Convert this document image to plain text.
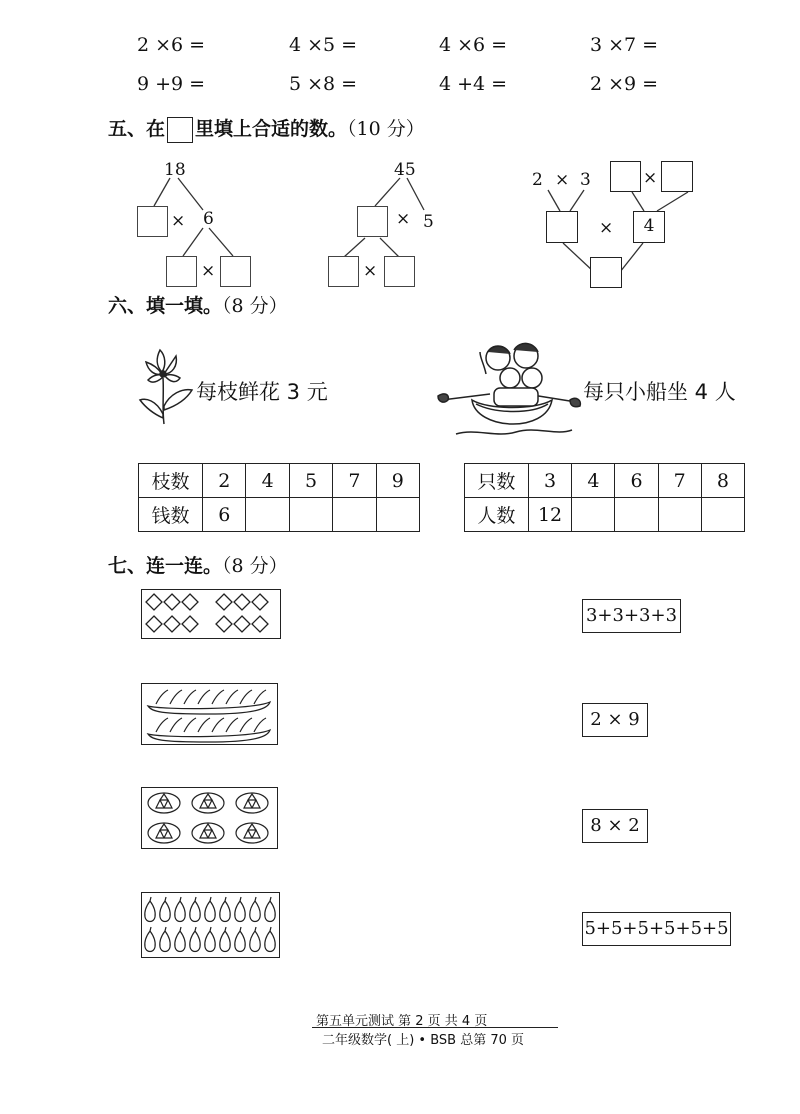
2 ×6 =	4 ×5 =	4 ×6 =	3 ×7 =
9 +9 =	5 ×8 =	4 +4 =	2 ×9 =
五、在 里填上合适的数。（10 分）
18
× 6
×
45
× 5
×
2 × 3	×
×	4
六、填一填。（8 分）
每枝鲜花 3 元	每只小船坐 4 人
枝数	2	4	5	7	9
钱数	6				
只数	3	4	6	7	8
人数	12				
七、连一连。（8 分）
3+3+3+3
2 × 9
8 × 2
5+5+5+5+5+5
第五单元测试 第 2 页 共 4 页
二年级数学( 上) • BSB 总第 70 页
